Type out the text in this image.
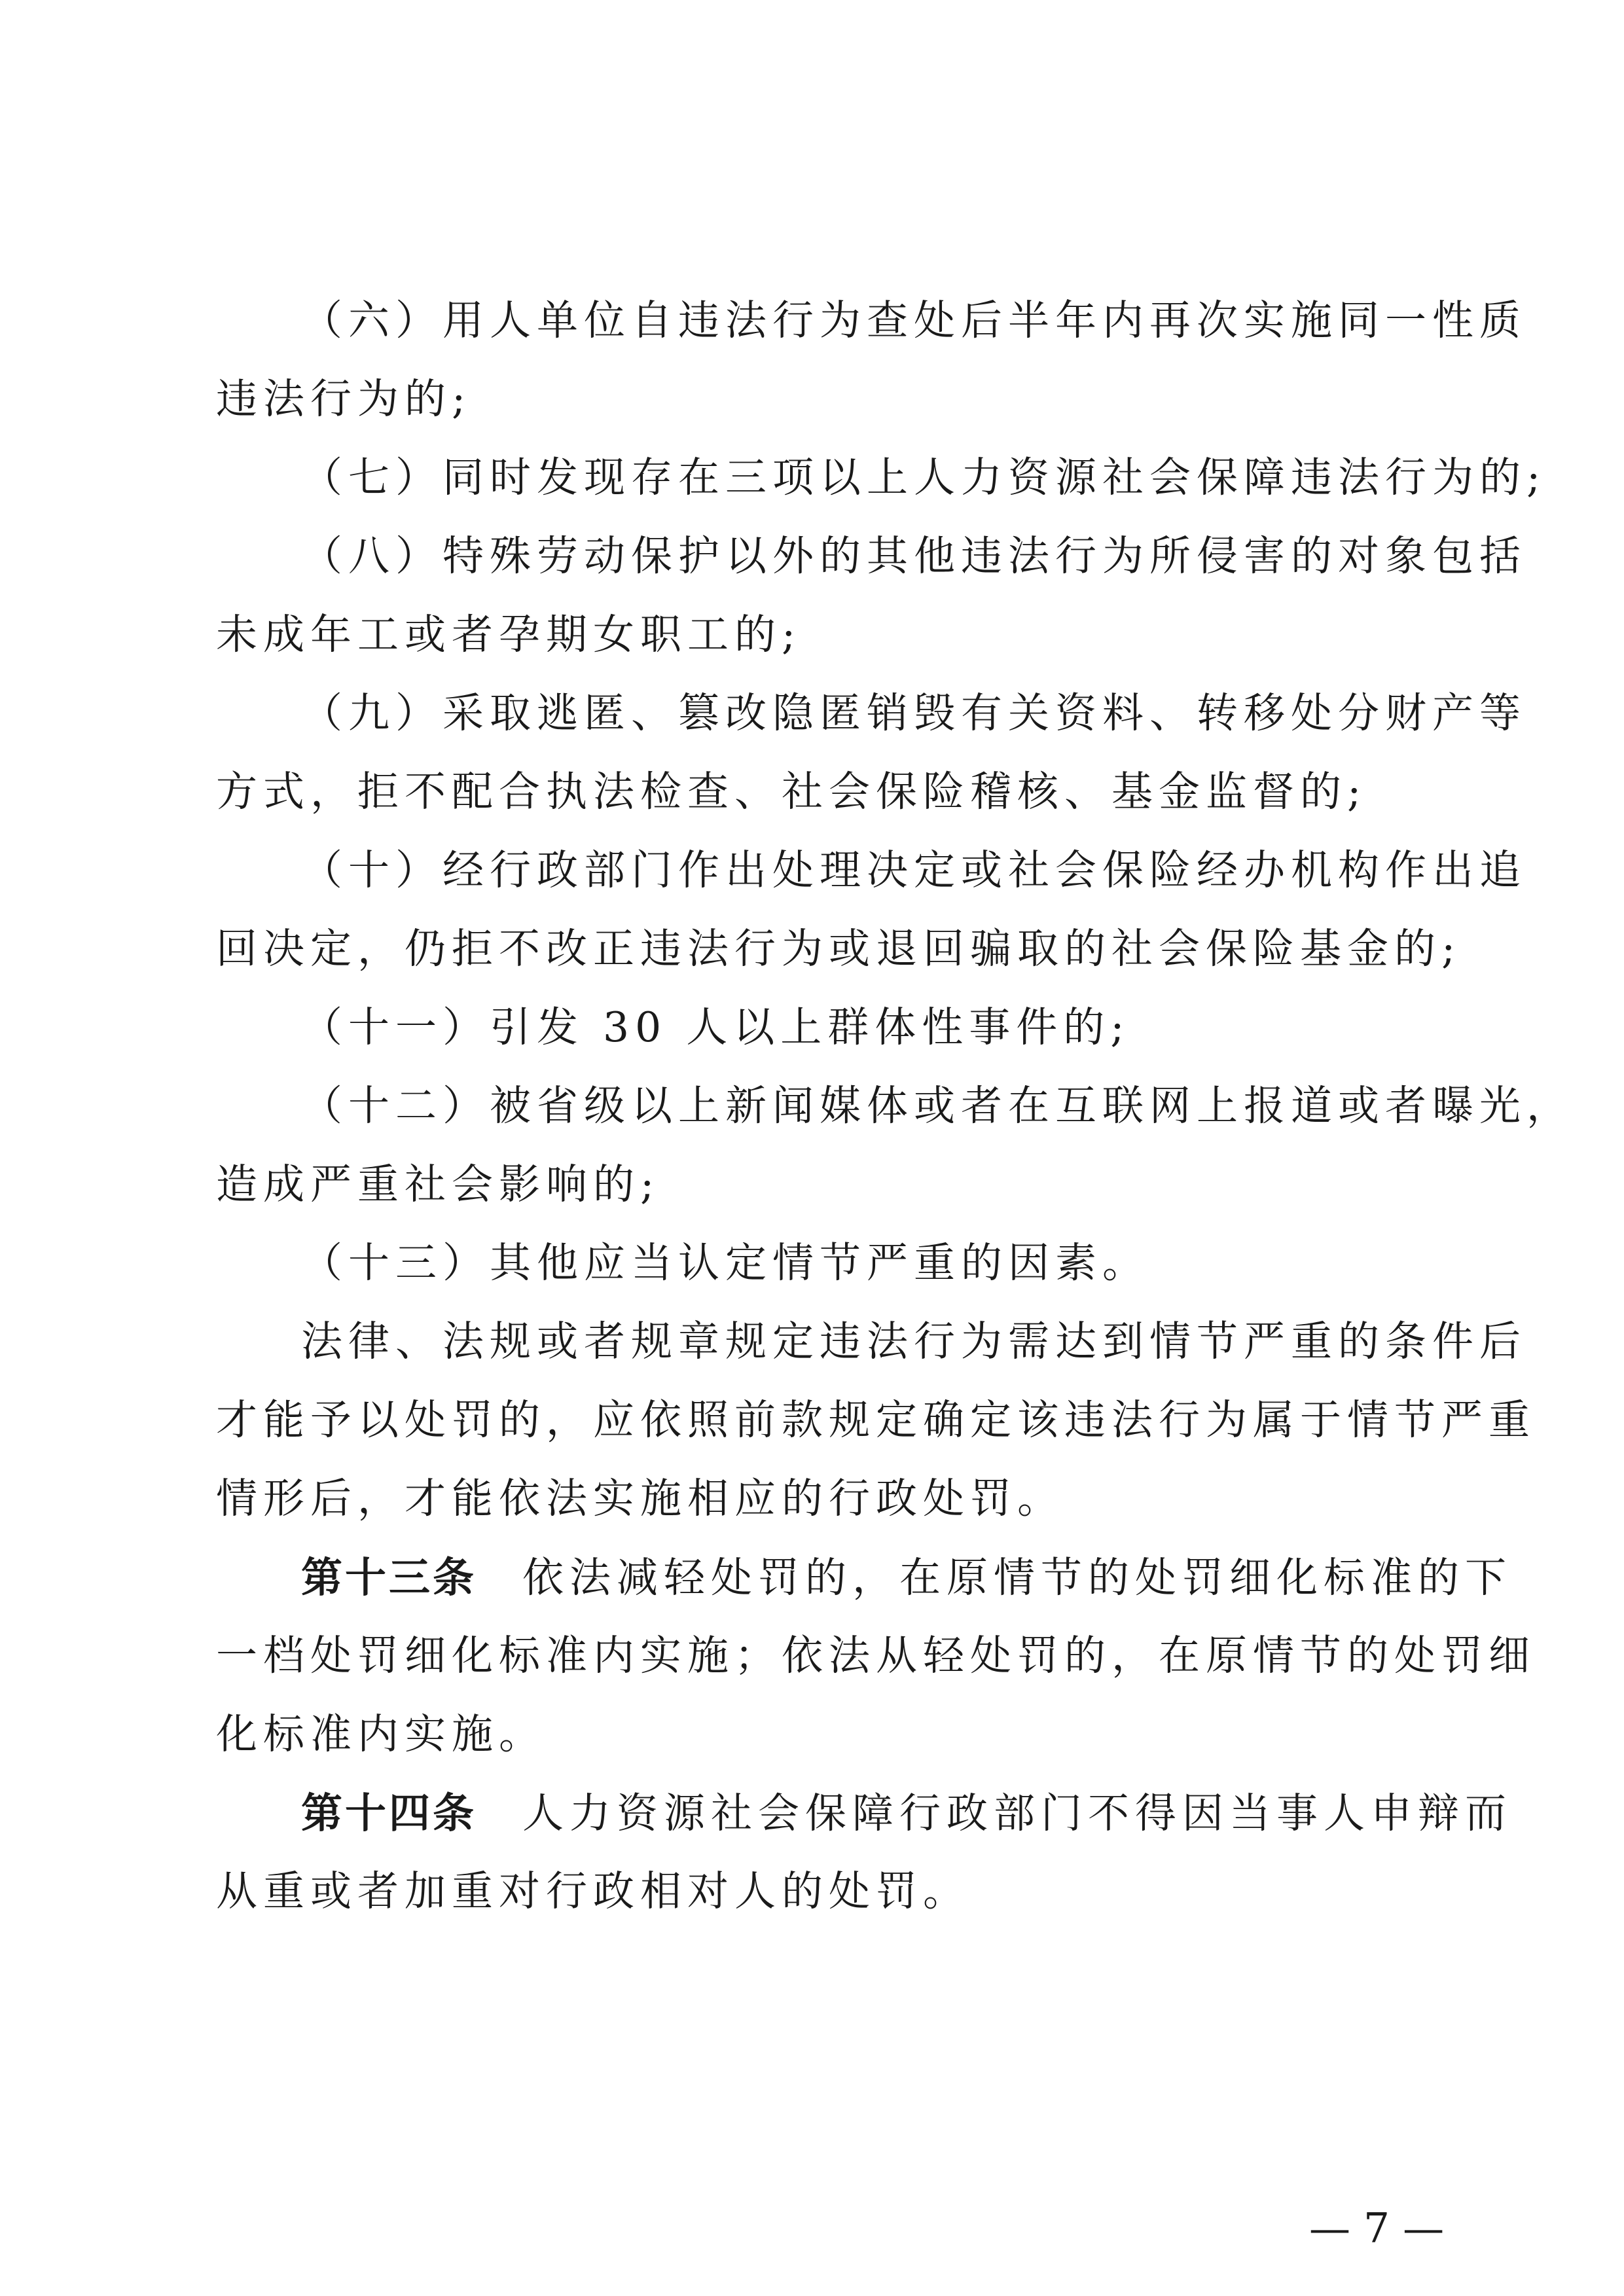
（六）用人单位自违法行为查处后半年内再次实施同一性质
违法行为的;
（七）同时发现存在三项以上人力资源社会保障违法行为的;
（八）特殊劳动保护以外的其他违法行为所侵害的对象包括
未成年工或者孕期女职工的;
（九）采取逃匿、篡改隐匿销毁有关资料、转移处分财产等
方式，拒不配合执法检查、社会保险稽核、基金监督的;
（十）经行政部门作出处理决定或社会保险经办机构作出追
回决定，仍拒不改正违法行为或退回骗取的社会保险基金的;
（十一）引发 30 人以上群体性事件的;
（十二）被省级以上新闻媒体或者在互联网上报道或者曝光，
造成严重社会影响的;
（十三）其他应当认定情节严重的因素。
法律、法规或者规章规定违法行为需达到情节严重的条件后
才能予以处罚的，应依照前款规定确定该违法行为属于情节严重
情形后，才能依法实施相应的行政处罚。
第十三条 依法减轻处罚的，在原情节的处罚细化标准的下
一档处罚细化标准内实施；依法从轻处罚的，在原情节的处罚细
化标准内实施。
第十四条 人力资源社会保障行政部门不得因当事人申辩而
从重或者加重对行政相对人的处罚。
— 7 —
